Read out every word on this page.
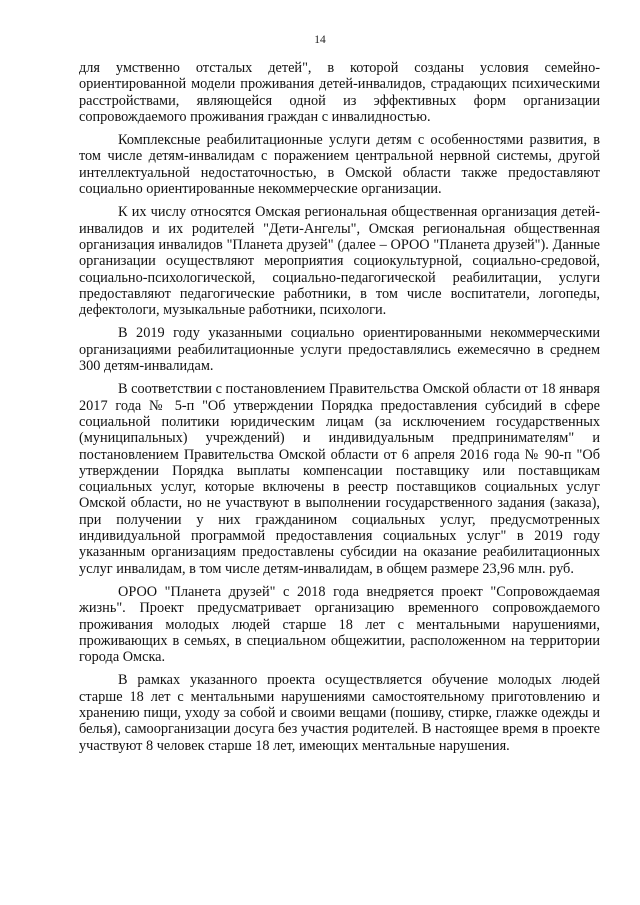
14

для умственно отсталых детей", в которой созданы условия семейно-ориентированной модели проживания детей-инвалидов, страдающих психическими расстройствами, являющейся одной из эффективных форм организации сопровождаемого проживания граждан с инвалидностью.

Комплексные реабилитационные услуги детям с особенностями развития, в том числе детям-инвалидам с поражением центральной нервной системы, другой интеллектуальной недостаточностью, в Омской области также предоставляют социально ориентированные некоммерческие организации.

К их числу относятся Омская региональная общественная организация детей-инвалидов и их родителей "Дети-Ангелы", Омская региональная общественная организация инвалидов "Планета друзей" (далее – ОРОО "Планета друзей"). Данные организации осуществляют мероприятия социокультурной, социально-средовой, социально-психологической, социально-педагогической реабилитации, услуги предоставляют педагогические работники, в том числе воспитатели, логопеды, дефектологи, музыкальные работники, психологи.

В 2019 году указанными социально ориентированными некоммерческими организациями реабилитационные услуги предоставлялись ежемесячно в среднем 300 детям-инвалидам.

В соответствии с постановлением Правительства Омской области от 18 января 2017 года № 5-п "Об утверждении Порядка предоставления субсидий в сфере социальной политики юридическим лицам (за исключением государственных (муниципальных) учреждений) и индивидуальным предпринимателям" и постановлением Правительства Омской области от 6 апреля 2016 года № 90-п "Об утверждении Порядка выплаты компенсации поставщику или поставщикам социальных услуг, которые включены в реестр поставщиков социальных услуг Омской области, но не участвуют в выполнении государственного задания (заказа), при получении у них гражданином социальных услуг, предусмотренных индивидуальной программой предоставления социальных услуг" в 2019 году указанным организациям предоставлены субсидии на оказание реабилитационных услуг инвалидам, в том числе детям-инвалидам, в общем размере 23,96 млн. руб.

ОРОО "Планета друзей" с 2018 года внедряется проект "Сопровождаемая жизнь". Проект предусматривает организацию временного сопровождаемого проживания молодых людей старше 18 лет с ментальными нарушениями, проживающих в семьях, в специальном общежитии, расположенном на территории города Омска.

В рамках указанного проекта осуществляется обучение молодых людей старше 18 лет с ментальными нарушениями самостоятельному приготовлению и хранению пищи, уходу за собой и своими вещами (пошиву, стирке, глажке одежды и белья), самоорганизации досуга без участия родителей. В настоящее время в проекте участвуют 8 человек старше 18 лет, имеющих ментальные нарушения.
